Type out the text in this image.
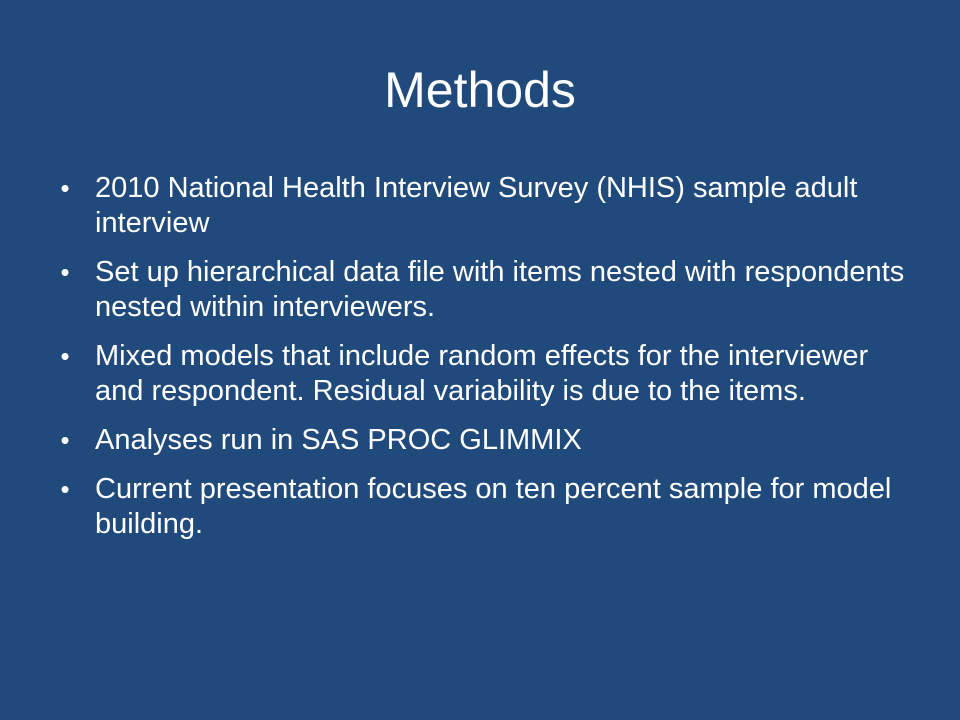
Methods
• 2010 National Health Interview Survey (NHIS) sample adult interview
• Set up hierarchical data file with items nested with respondents nested within interviewers.
• Mixed models that include random effects for the interviewer and respondent. Residual variability is due to the items.
• Analyses run in SAS PROC GLIMMIX
• Current presentation focuses on ten percent sample for model building.
